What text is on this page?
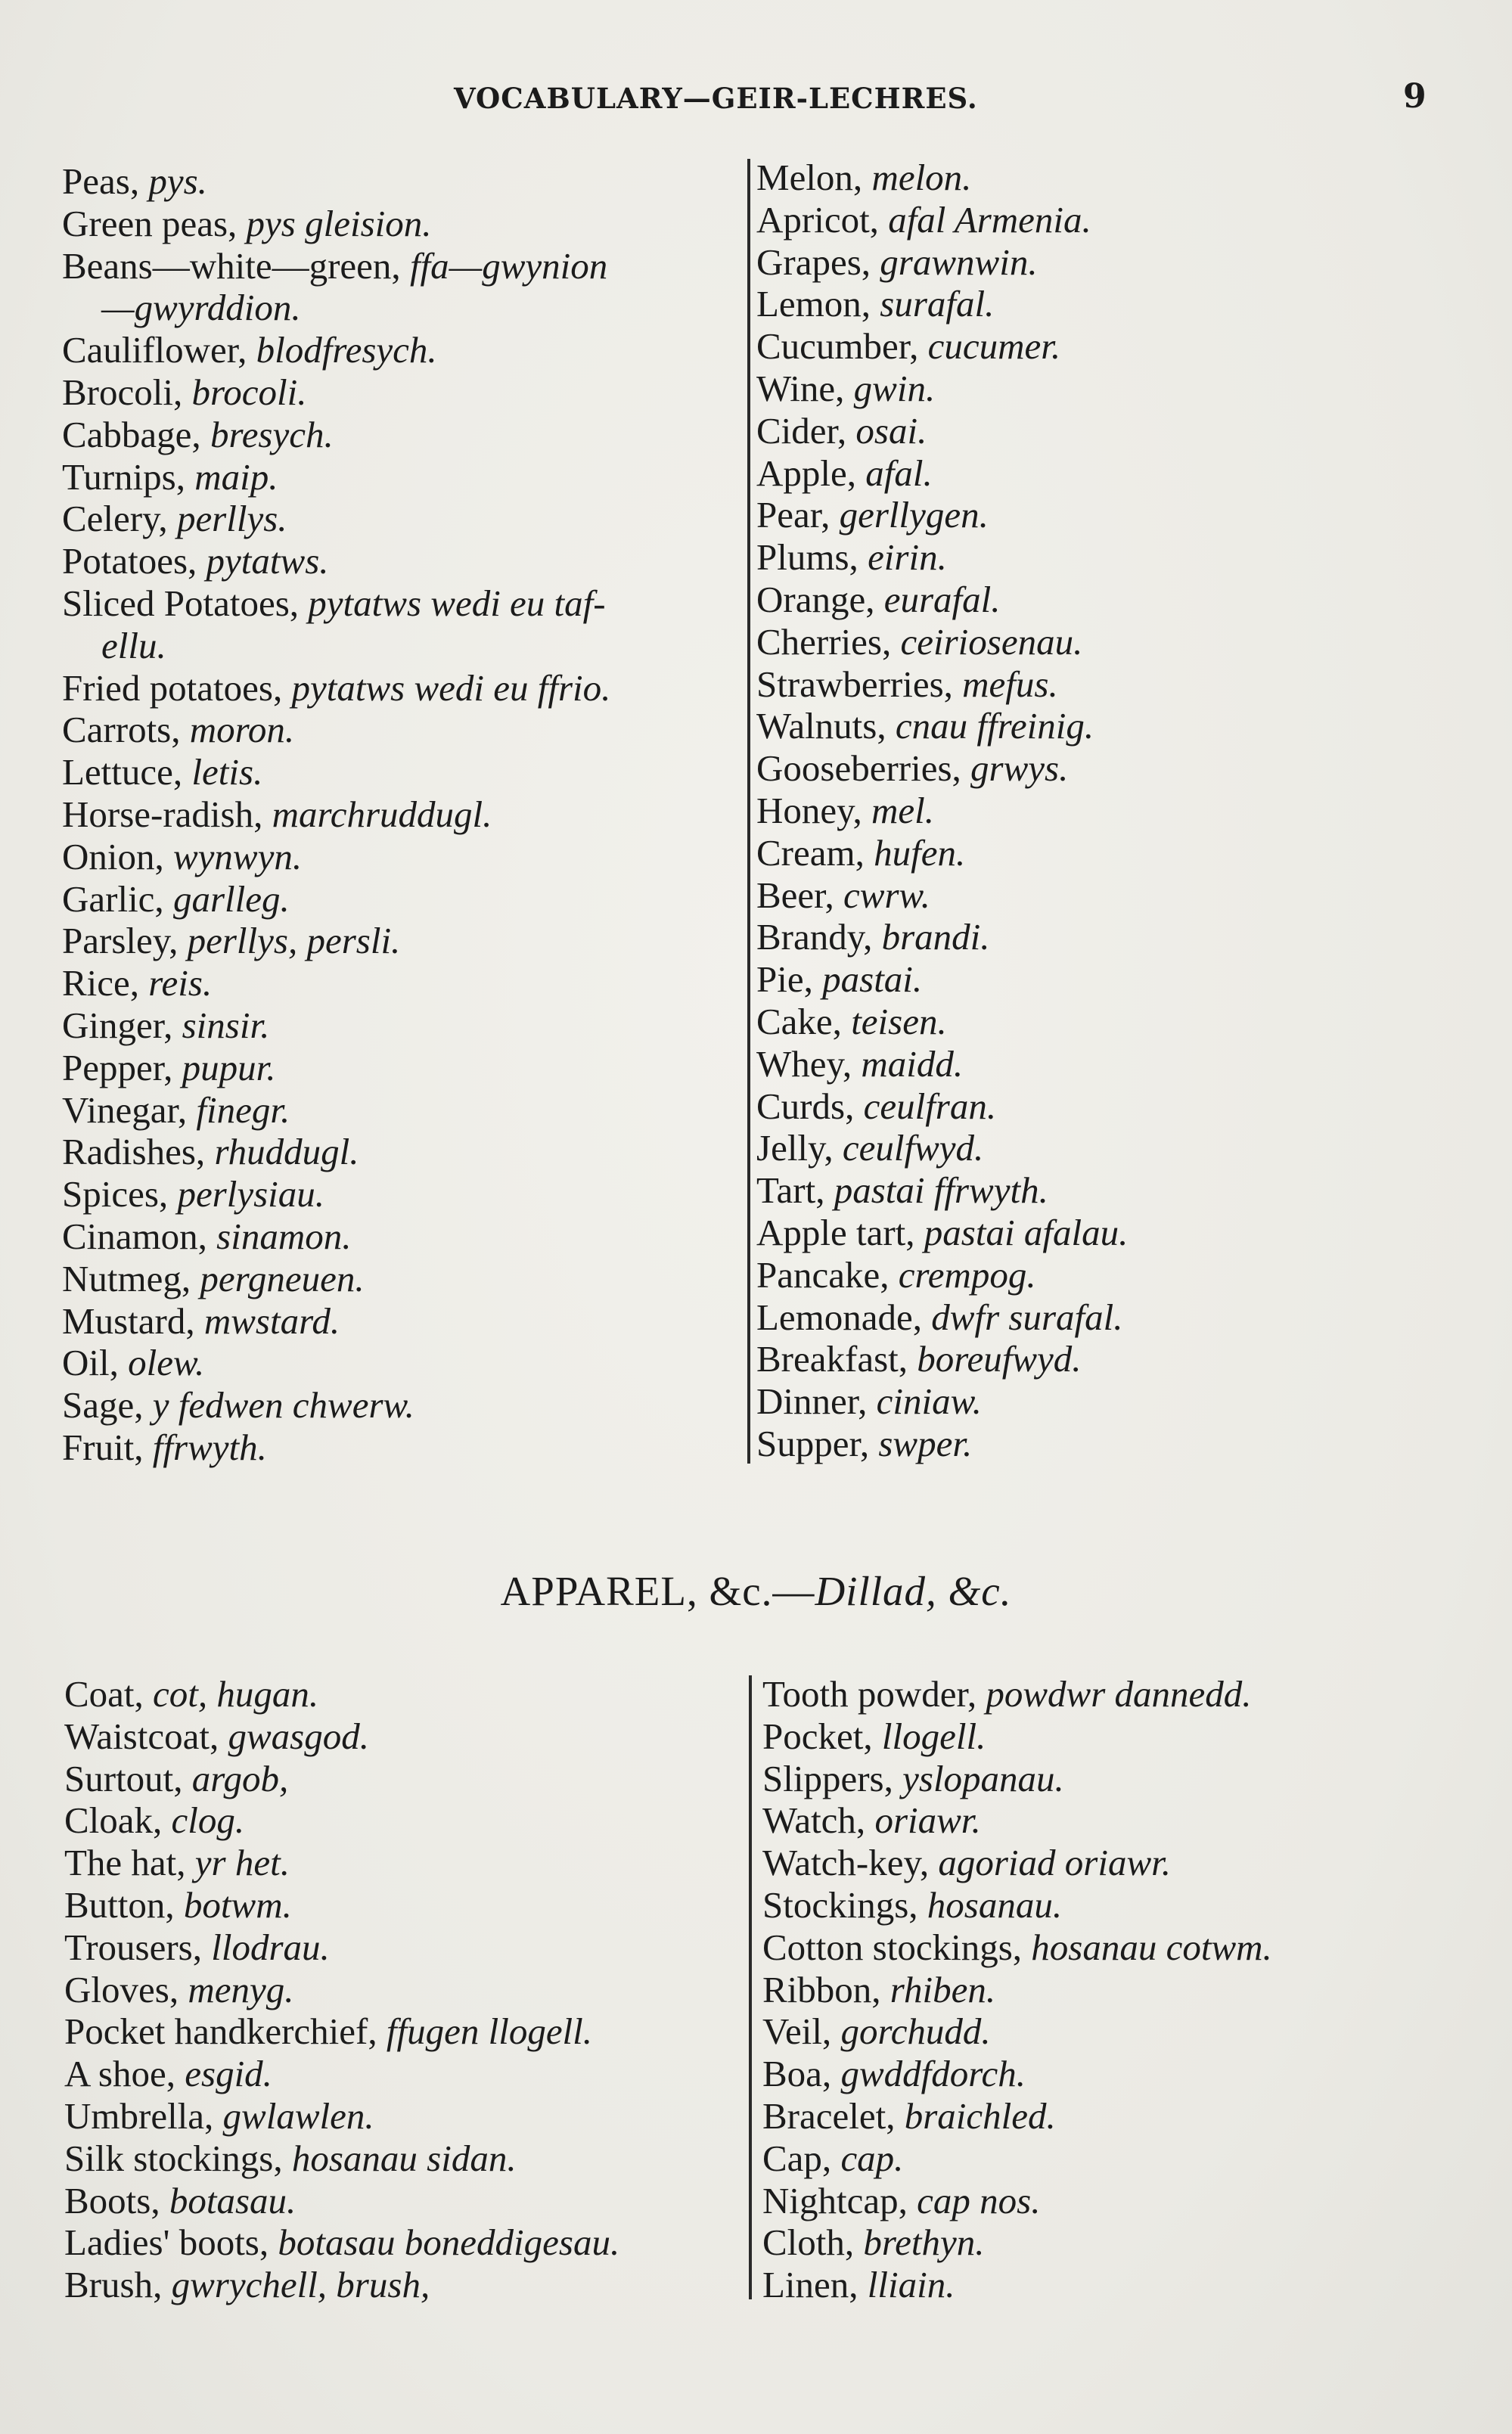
VOCABULARY—GEIR-LECHRES.	9
Peas, pys.
Green peas, pys gleision.
Beans—white—green, ffa—gwynion
—gwyrddion.
Cauliflower, blodfresych.
Brocoli, brocoli.
Cabbage, bresych.
Turnips, maip.
Celery, perllys.
Potatoes, pytatws.
Sliced Potatoes, pytatws wedi eu taf-
ellu.
Fried potatoes, pytatws wedi eu ffrio.
Carrots, moron.
Lettuce, letis.
Horse-radish, marchruddugl.
Onion, wynwyn.
Garlic, garlleg.
Parsley, perllys, persli.
Rice, reis.
Ginger, sinsir.
Pepper, pupur.
Vinegar, finegr.
Radishes, rhuddugl.
Spices, perlysiau.
Cinamon, sinamon.
Nutmeg, pergneuen.
Mustard, mwstard.
Oil, olew.
Sage, y fedwen chwerw.
Fruit, ffrwyth.
Melon, melon.
Apricot, afal Armenia.
Grapes, grawnwin.
Lemon, surafal.
Cucumber, cucumer.
Wine, gwin.
Cider, osai.
Apple, afal.
Pear, gerllygen.
Plums, eirin.
Orange, eurafal.
Cherries, ceiriosenau.
Strawberries, mefus.
Walnuts, cnau ffreinig.
Gooseberries, grwys.
Honey, mel.
Cream, hufen.
Beer, cwrw.
Brandy, brandi.
Pie, pastai.
Cake, teisen.
Whey, maidd.
Curds, ceulfran.
Jelly, ceulfwyd.
Tart, pastai ffrwyth.
Apple tart, pastai afalau.
Pancake, crempog.
Lemonade, dwfr surafal.
Breakfast, boreufwyd.
Dinner, ciniaw.
Supper, swper.
APPAREL, &c.—Dillad, &c.
Coat, cot, hugan.
Waistcoat, gwasgod.
Surtout, argob,
Cloak, clog.
The hat, yr het.
Button, botwm.
Trousers, llodrau.
Gloves, menyg.
Pocket handkerchief, ffugen llogell.
A shoe, esgid.
Umbrella, gwlawlen.
Silk stockings, hosanau sidan.
Boots, botasau.
Ladies' boots, botasau boneddigesau.
Brush, gwrychell, brush,
Tooth powder, powdwr dannedd.
Pocket, llogell.
Slippers, yslopanau.
Watch, oriawr.
Watch-key, agoriad oriawr.
Stockings, hosanau.
Cotton stockings, hosanau cotwm.
Ribbon, rhiben.
Veil, gorchudd.
Boa, gwddfdorch.
Bracelet, braichled.
Cap, cap.
Nightcap, cap nos.
Cloth, brethyn.
Linen, lliain.
